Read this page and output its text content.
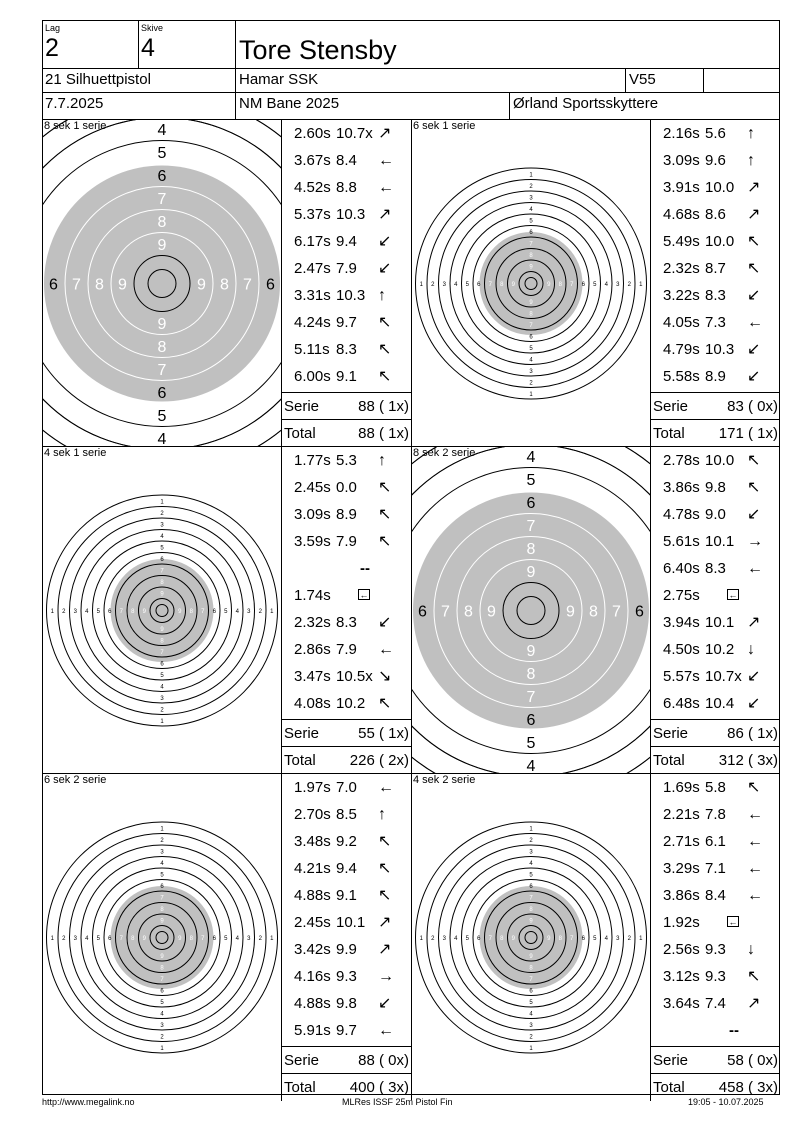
Lag
2
Skive
4	Tore Stensby
21 Silhuettpistol	Hamar SSK	V55
7.7.2025	NM Bane 2025	Ørland Sportsskyttere
8 sek 1 serie	4
4
5
5
6
6
6	6
7
7
7	7
8
8
8	8
9
9
9	9
2.60s 10.7x ↗
3.67s 8.4 ←
4.52s 8.8 ←
5.37s 10.3 ↗
6.17s 9.4 ↙
2.47s 7.9 ↙
3.31s 10.3 ↑
4.24s 9.7 ↖
5.11s 8.3 ↖
6.00s 9.1 ↖
Serie	88 ( 1x)
Total	88 ( 1x)
6 sek 1 serie
1
1
1	1
2
2
2	2
3
3
3	3
4
4
4	4
5
5
5	5
6
6
6	6
7
7
7	7
8
8
8	8
9
9
9	9
2.16s 5.6 ↑
3.09s 9.6 ↑
3.91s 10.0 ↗
4.68s 8.6 ↗
5.49s 10.0 ↖
2.32s 8.7 ↖
3.22s 8.3 ↙
4.05s 7.3 ←
4.79s 10.3 ↙
5.58s 8.9 ↙
Serie	83 ( 0x)
Total 171 ( 1x)
4 sek 1 serie
1
1
1	1
2
2
2	2
3
3
3	3
4
4
4	4
5
5
5	5
6
6
6	6
7
7
7	7
8
8
8	8
9
9
9	9
1.77s 5.3 ↑
2.45s 0.0 ↖
3.09s 8.9 ↖
3.59s 7.9 ↖
--
1.74s	←
2.32s 8.3 ↙
2.86s 7.9 ←
3.47s 10.5x ↘
4.08s 10.2 ↖
Serie	55 ( 1x)
Total 226 ( 2x)
8 sek 2 serie	4
4
5
5
6
6
6	6
7
7
7	7
8
8
8	8
9
9
9	9
2.78s 10.0 ↖
3.86s 9.8 ↖
4.78s 9.0 ↙
5.61s 10.1 →
6.40s 8.3 ←
2.75s	←
3.94s 10.1 ↗
4.50s 10.2 ↓
5.57s 10.7x ↙
6.48s 10.4 ↙
Serie	86 ( 1x)
Total 312 ( 3x)
6 sek 2 serie
1
1
1	1
2
2
2	2
3
3
3	3
4
4
4	4
5
5
5	5
6
6
6	6
7
7
7	7
8
8
8	8
9
9
9	9
1.97s 7.0 ←
2.70s 8.5 ↑
3.48s 9.2 ↖
4.21s 9.4 ↖
4.88s 9.1 ↖
2.45s 10.1 ↗
3.42s 9.9 ↗
4.16s 9.3 →
4.88s 9.8 ↙
5.91s 9.7 ←
Serie	88 ( 0x)
Total 400 ( 3x)
4 sek 2 serie
1
1
1	1
2
2
2	2
3
3
3	3
4
4
4	4
5
5
5	5
6
6
6	6
7
7
7	7
8
8
8	8
9
9
9	9
1.69s 5.8 ↖
2.21s 7.8 ←
2.71s 6.1 ←
3.29s 7.1 ←
3.86s 8.4 ←
1.92s	←
2.56s 9.3 ↓
3.12s 9.3 ↖
3.64s 7.4 ↗
--
Serie	58 ( 0x)
Total 458 ( 3x)
http://www.megalink.no	MLRes ISSF 25m Pistol Fin	19:05 - 10.07.2025
